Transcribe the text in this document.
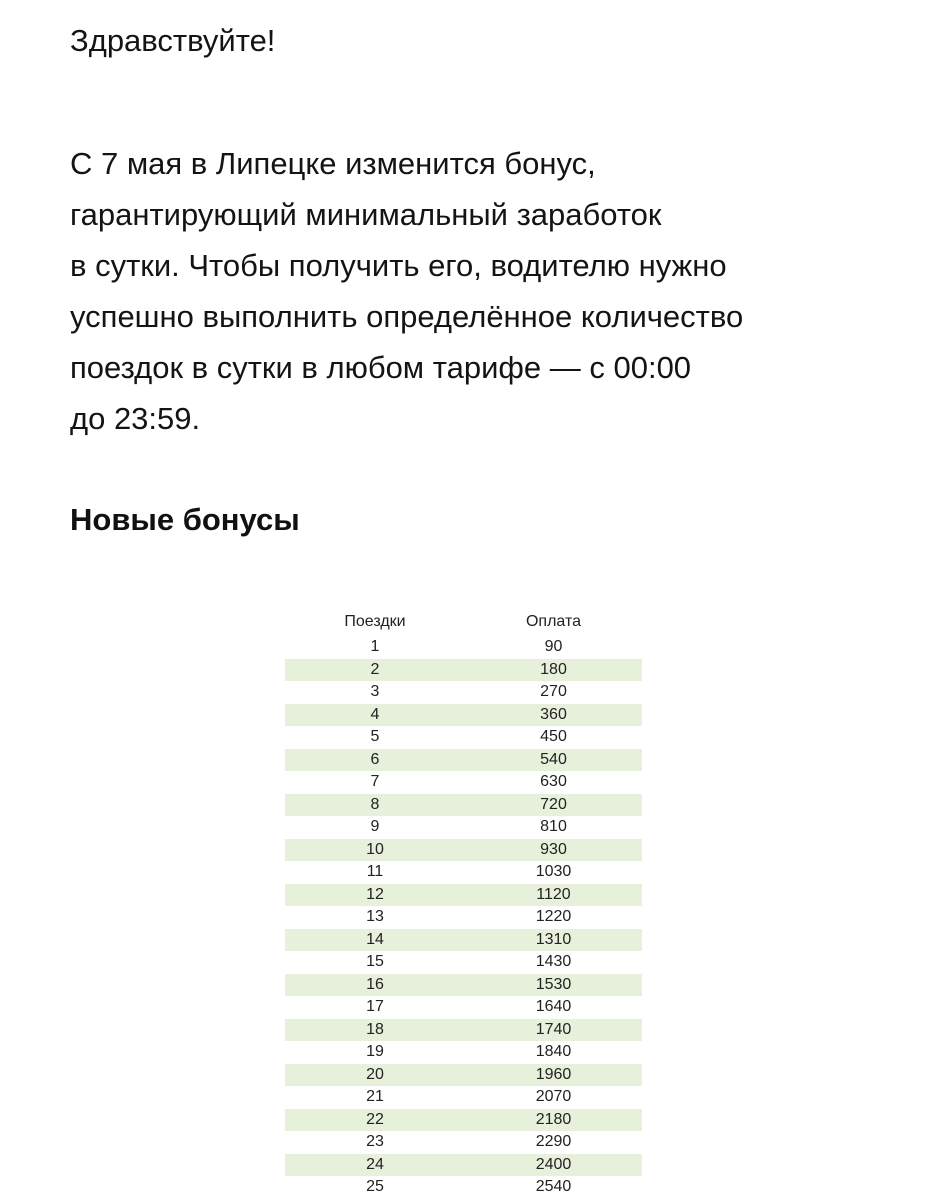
Здравствуйте!

С 7 мая в Липецке изменится бонус,
гарантирующий минимальный заработок
в сутки. Чтобы получить его, водителю нужно
успешно выполнить определённое количество
поездок в сутки в любом тарифе — с 00:00
до 23:59.

Новые бонусы
Поездки	Оплата
1	90
2	180
3	270
4	360
5	450
6	540
7	630
8	720
9	810
10	930
11	1030
12	1120
13	1220
14	1310
15	1430
16	1530
17	1640
18	1740
19	1840
20	1960
21	2070
22	2180
23	2290
24	2400
25	2540
